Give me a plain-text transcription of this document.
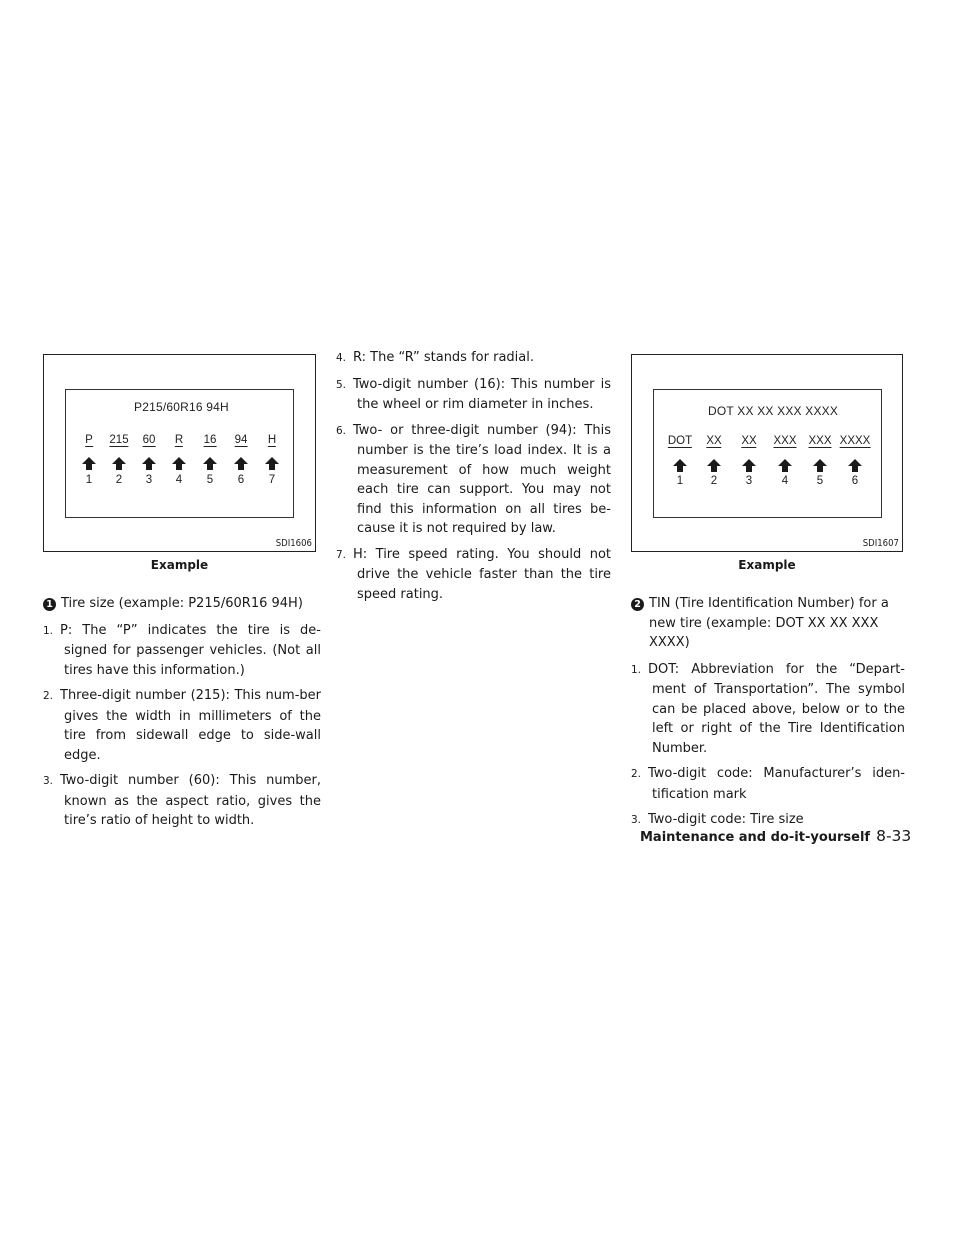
P215/60R16 94H
P 215 60 R 16 94 H
1 2 3 4 5 6 7
SDI1606
Example
DOT XX XX XXX XXXX
DOT XX XX XXX XXX XXXX
1 2 3	4 5 6
SDI1607
Example

1 Tire size (example: P215/60R16 94H)

1. P: The “P” indicates the tire is de-signed for passenger vehicles. (Not all tires have this information.)

2. Three-digit number (215): This num-ber gives the width in millimeters of the tire from sidewall edge to side-wall edge.

3. Two-digit number (60): This number, known as the aspect ratio, gives the tire’s ratio of height to width.

4. R: The “R” stands for radial.

5. Two-digit number (16): This number is the wheel or rim diameter in inches.

6. Two- or three-digit number (94): This number is the tire’s load index. It is a measurement of how much weight each tire can support. You may not find this information on all tires be-cause it is not required by law.

7. H: Tire speed rating. You should not drive the vehicle faster than the tire speed rating.

2 TIN (Tire Identification Number) for a new tire (example: DOT XX XX XXX XXXX)

1. DOT: Abbreviation for the “Depart-ment of Transportation”. The symbol can be placed above, below or to the left or right of the Tire Identification Number.

2. Two-digit code: Manufacturer’s iden-tification mark

3. Two-digit code: Tire size

Maintenance and do-it-yourself 8-33
